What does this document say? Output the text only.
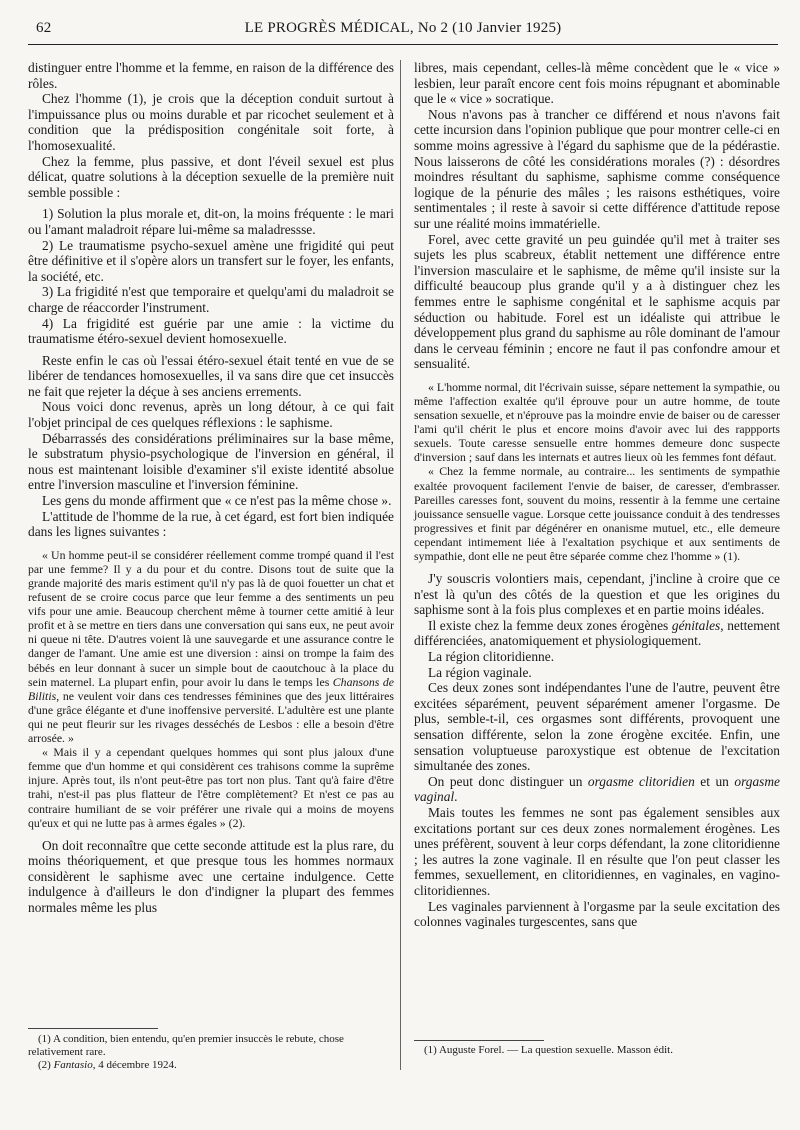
62	LE PROGRÈS MÉDICAL, No 2 (10 Janvier 1925)

distinguer entre l'homme et la femme, en raison de la différence des rôles.

Chez l'homme (1), je crois que la déception conduit surtout à l'impuissance plus ou moins durable et par ricochet seulement et à condition que la prédisposition congénitale soit forte, à l'homosexualité.

Chez la femme, plus passive, et dont l'éveil sexuel est plus délicat, quatre solutions à la déception sexuelle de la première nuit semble possible :

1) Solution la plus morale et, dit-on, la moins fréquente : le mari ou l'amant maladroit répare lui-même sa maladressse.

2) Le traumatisme psycho-sexuel amène une frigidité qui peut être définitive et il s'opère alors un transfert sur le foyer, les enfants, la société, etc.

3) La frigidité n'est que temporaire et quelqu'ami du maladroit se charge de réaccorder l'instrument.

4) La frigidité est guérie par une amie : la victime du traumatisme étéro-sexuel devient homosexuelle.

Reste enfin le cas où l'essai étéro-sexuel était tenté en vue de se libérer de tendances homosexuelles, il va sans dire que cet insuccès ne fait que rejeter la déçue à ses anciens errements.

Nous voici donc revenus, après un long détour, à ce qui fait l'objet principal de ces quelques réflexions : le saphisme.

Débarrassés des considérations préliminaires sur la base même, le substratum physio-psychologique de l'inversion en général, il nous est maintenant loisible d'examiner s'il existe identité absolue entre l'inversion masculine et l'inversion féminine.

Les gens du monde affirment que « ce n'est pas la même chose ».

L'attitude de l'homme de la rue, à cet égard, est fort bien indiquée dans les lignes suivantes :

« Un homme peut-il se considérer réellement comme trompé quand il l'est par une femme? Il y a du pour et du contre. Disons tout de suite que la grande majorité des maris estiment qu'il n'y pas là de quoi fouetter un chat et refusent de se croire cocus parce que leur femme a des sentiments un peu vifs pour une amie. Beaucoup cherchent même à tourner cette amitié à leur profit et à se mettre en tiers dans une conversation qui sans eux, ne peut avoir ni queue ni tête. D'autres voient là une sauvegarde et une assurance contre le danger de l'amant. Une amie est une diversion : ainsi on trompe la faim des bébés en leur donnant à sucer un simple bout de caoutchouc à la place du sein maternel. La plupart enfin, pour avoir lu dans le temps les Chansons de Bilitis, ne veulent voir dans ces tendresses féminines que des jeux littéraires d'une grâce élégante et d'une inoffensive perversité. L'adultère est une plante qui ne peut fleurir sur les rivages desséchés de Lesbos : elle a besoin d'être arrosée. »

« Mais il y a cependant quelques hommes qui sont plus jaloux d'une femme que d'un homme et qui considèrent ces trahisons comme la suprême injure. Après tout, ils n'ont peut-être pas tort non plus. Tant qu'à faire d'être trahi, n'est-il pas plus flatteur de l'être complètement? Et n'est ce pas au contraire humiliant de se voir préférer une rivale qui a moins de moyens qu'eux et qui ne lutte pas à armes égales » (2).

On doit reconnaître que cette seconde attitude est la plus rare, du moins théoriquement, et que presque tous les hommes normaux considèrent le saphisme avec une certaine indulgence. Cette indulgence à d'ailleurs le don d'indigner la plupart des femmes normales même les plus

libres, mais cependant, celles-là même concèdent que le « vice » lesbien, leur paraît encore cent fois moins répugnant et abominable que le « vice » socratique.

Nous n'avons pas à trancher ce différend et nous n'avons fait cette incursion dans l'opinion publique que pour montrer celle-ci en somme moins agressive à l'égard du saphisme que de la pédérastie. Nous laisserons de côté les considérations morales (?) : désordres moindres résultant du saphisme, saphisme comme conséquence logique de la pénurie des mâles ; les raisons esthétiques, voire sentimentales ; il reste à savoir si cette différence d'attitude repose sur une réalité moins immatérielle.

Forel, avec cette gravité un peu guindée qu'il met à traiter ses sujets les plus scabreux, établit nettement une différence entre l'inversion masculaire et le saphisme, de même qu'il insiste sur la difficulté beaucoup plus grande qu'il y a à distinguer chez les femmes entre le saphisme congénital et le saphisme acquis par séduction ou habitude. Forel est un idéaliste qui attribue le développement plus grand du saphisme au rôle dominant de l'amour dans le cerveau féminin ; encore ne faut il pas confondre amour et sensualité.

« L'homme normal, dit l'écrivain suisse, sépare nettement la sympathie, ou même l'affection exaltée qu'il éprouve pour un autre homme, de toute sensation sexuelle, et n'éprouve pas la moindre envie de baiser ou de caresser l'ami qu'il chérit le plus et encore moins d'avoir avec lui des rappports sexuels. Toute caresse sensuelle entre hommes demeure donc suspecte d'inversion ; sauf dans les internats et autres lieux où les femmes font défaut.

« Chez la femme normale, au contraire... les sentiments de sympathie exaltée provoquent facilement l'envie de baiser, de caresser, d'embrasser. Pareilles caresses font, souvent du moins, ressentir à la femme une certaine jouissance sensuelle vague. Lorsque cette jouissance conduit à des tendresses progressives et finit par dégénérer en onanisme mutuel, etc., elle demeure cependant intimement liée à l'exaltation psychique et aux sentiments de sympathie, dont elle ne peut être séparée comme chez l'homme » (1).

J'y souscris volontiers mais, cependant, j'incline à croire que ce n'est là qu'un des côtés de la question et que les origines du saphisme sont à la fois plus complexes et en partie moins idéales.

Il existe chez la femme deux zones érogènes génitales, nettement différenciées, anatomiquement et physiologiquement.

La région clitoridienne.

La région vaginale.

Ces deux zones sont indépendantes l'une de l'autre, peuvent être excitées séparément, peuvent séparément amener l'orgasme. De plus, semble-t-il, ces orgasmes sont différents, provoquent une sensation différente, selon la zone érogène excitée. Enfin, une sensation voluptueuse paroxystique est obtenue de l'excitation simultanée des zones.

On peut donc distinguer un orgasme clitoridien et un orgasme vaginal.

Mais toutes les femmes ne sont pas également sensibles aux excitations portant sur ces deux zones normalement érogènes. Les unes préfèrent, souvent à leur corps défendant, la zone clitoridienne ; les autres la zone vaginale. Il en résulte que l'on peut classer les femmes, sexuellement, en clitoridiennes, en vaginales, en vagino-clitoridiennes.

Les vaginales parviennent à l'orgasme par la seule excitation des colonnes vaginales turgescentes, sans que

(1) A condition, bien entendu, qu'en premier insuccès le rebute, chose relativement rare.

(2) Fantasio, 4 décembre 1924.

(1) Auguste Forel. — La question sexuelle. Masson édit.
